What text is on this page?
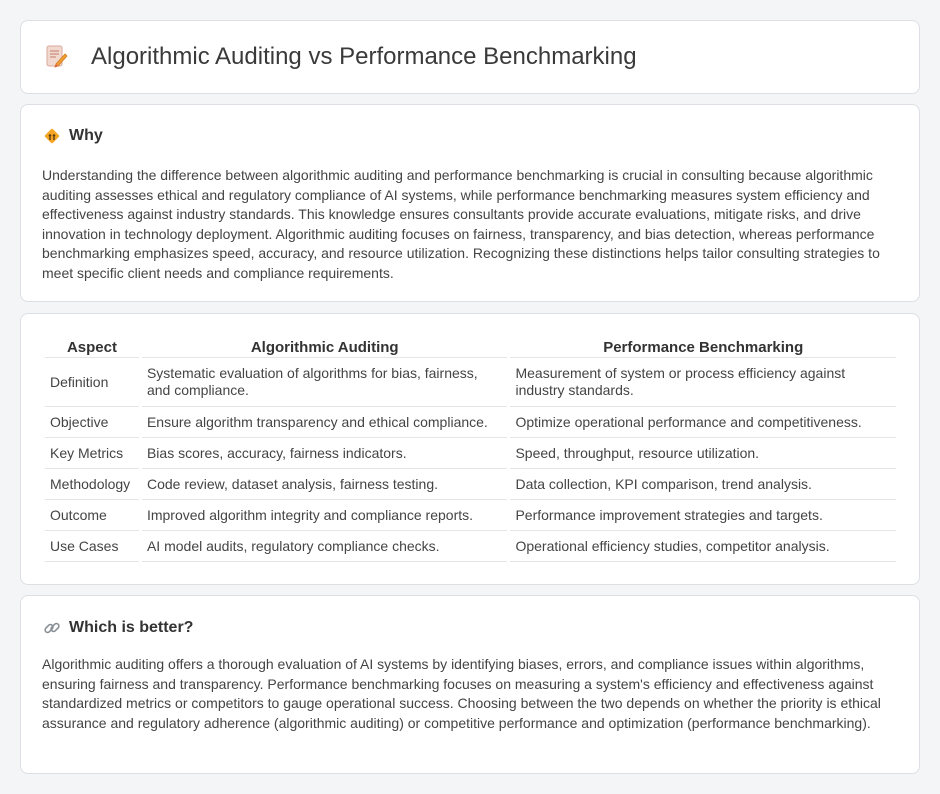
Algorithmic Auditing vs Performance Benchmarking
Why

Understanding the difference between algorithmic auditing and performance benchmarking is crucial in consulting because algorithmic auditing assesses ethical and regulatory compliance of AI systems, while performance benchmarking measures system efficiency and effectiveness against industry standards. This knowledge ensures consultants provide accurate evaluations, mitigate risks, and drive innovation in technology deployment. Algorithmic auditing focuses on fairness, transparency, and bias detection, whereas performance benchmarking emphasizes speed, accuracy, and resource utilization. Recognizing these distinctions helps tailor consulting strategies to meet specific client needs and compliance requirements.

Aspect	Algorithmic Auditing	Performance Benchmarking
Definition	Systematic evaluation of algorithms for bias, fairness, and compliance.	Measurement of system or process efficiency against industry standards.
Objective	Ensure algorithm transparency and ethical compliance.	Optimize operational performance and competitiveness.
Key Metrics	Bias scores, accuracy, fairness indicators.	Speed, throughput, resource utilization.
Methodology	Code review, dataset analysis, fairness testing.	Data collection, KPI comparison, trend analysis.
Outcome	Improved algorithm integrity and compliance reports.	Performance improvement strategies and targets.
Use Cases	AI model audits, regulatory compliance checks.	Operational efficiency studies, competitor analysis.
Which is better?

Algorithmic auditing offers a thorough evaluation of AI systems by identifying biases, errors, and compliance issues within algorithms, ensuring fairness and transparency. Performance benchmarking focuses on measuring a system's efficiency and effectiveness against standardized metrics or competitors to gauge operational success. Choosing between the two depends on whether the priority is ethical assurance and regulatory adherence (algorithmic auditing) or competitive performance and optimization (performance benchmarking).
